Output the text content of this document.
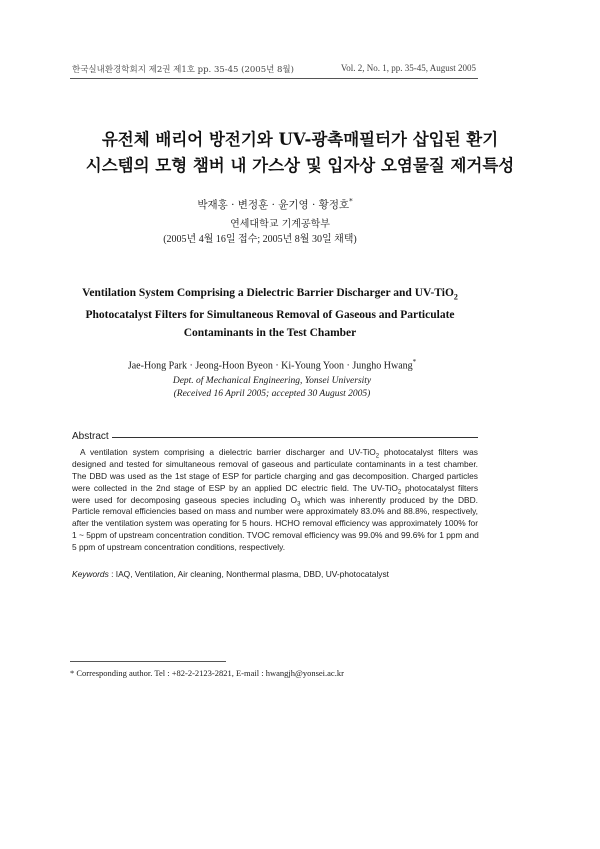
한국실내환경학회지 제2권 제1호 pp. 35-45 (2005년 8월)	Vol. 2, No. 1, pp. 35-45, August 2005
유전체 배리어 방전기와 UV-광촉매필터가 삽입된 환기
시스템의 모형 챔버 내 가스상 및 입자상 오염물질 제거특성
박재홍 · 변정훈 · 윤기영 · 황정호*
연세대학교 기계공학부
(2005년 4월 16일 접수; 2005년 8월 30일 채택)
Ventilation System Comprising a Dielectric Barrier Discharger and UV-TiO$_2$
Photocatalyst Filters for Simultaneous Removal of Gaseous and Particulate
Contaminants in the Test Chamber
Jae-Hong Park · Jeong-Hoon Byeon · Ki-Young Yoon · Jungho Hwang*
Dept. of Mechanical Engineering, Yonsei University
(Received 16 April 2005; accepted 30 August 2005)
Abstract
A ventilation system comprising a dielectric barrier discharger and UV-TiO$_2$ photocatalyst filters was
designed and tested for simultaneous removal of gaseous and particulate contaminants in a test chamber.
The DBD was used as the 1st stage of ESP for particle charging and gas decomposition. Charged particles
were collected in the 2nd stage of ESP by an applied DC electric field. The UV-TiO$_2$ photocatalyst filters
were used for decomposing gaseous species including $O_3$ which was inherently produced by the DBD.
Particle removal efficiencies based on mass and number were approximately 83.0% and 88.8%, respectively,
after the ventilation system was operating for 5 hours. HCHO removal efficiency was approximately 100% for
1 ~ 5ppm of upstream concentration condition. TVOC removal efficiency was 99.0% and 99.6% for 1 ppm and
5 ppm of upstream concentration conditions, respectively.
Keywords : IAQ, Ventilation, Air cleaning, Nonthermal plasma, DBD, UV-photocatalyst
* Corresponding author. Tel : +82-2-2123-2821, E-mail : hwangjh@yonsei.ac.kr
